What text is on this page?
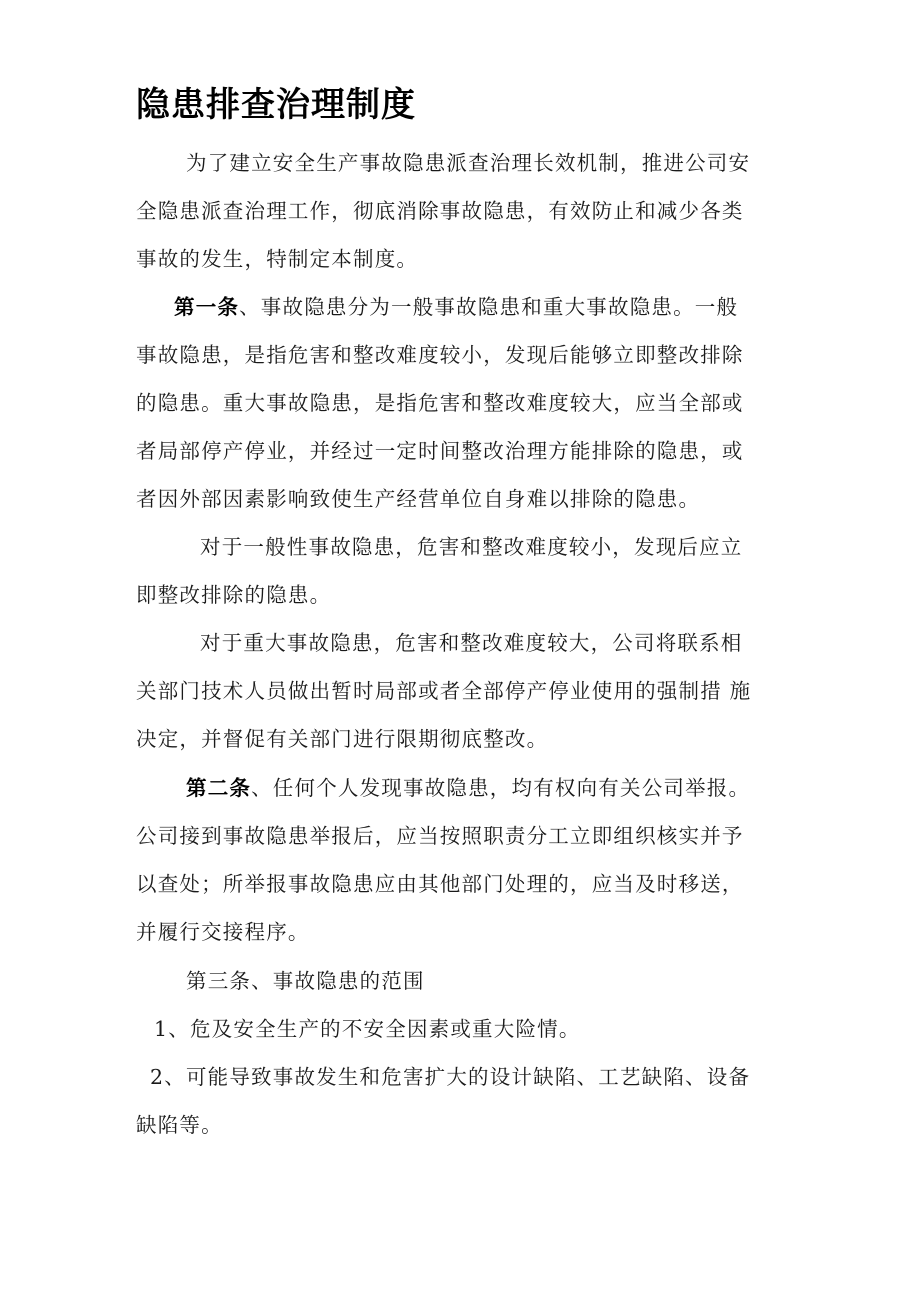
隐患排查治理制度
为了建立安全生产事故隐患派查治理长效机制，推进公司安
全隐患派查治理工作，彻底消除事故隐患，有效防止和减少各类
事故的发生，特制定本制度。
第一条、事故隐患分为一般事故隐患和重大事故隐患。一般
事故隐患，是指危害和整改难度较小，发现后能够立即整改排除
的隐患。重大事故隐患，是指危害和整改难度较大，应当全部或
者局部停产停业，并经过一定时间整改治理方能排除的隐患，或
者因外部因素影响致使生产经营单位自身难以排除的隐患。
对于一般性事故隐患，危害和整改难度较小，发现后应立
即整改排除的隐患。
对于重大事故隐患，危害和整改难度较大，公司将联系相
关部门技术人员做出暂时局部或者全部停产停业使用的强制措 施
决定，并督促有关部门进行限期彻底整改。
第二条、任何个人发现事故隐患，均有权向有关公司举报。
公司接到事故隐患举报后，应当按照职责分工立即组织核实并予
以查处；所举报事故隐患应由其他部门处理的，应当及时移送，
并履行交接程序。
第三条、事故隐患的范围
1、危及安全生产的不安全因素或重大险情。
2、可能导致事故发生和危害扩大的设计缺陷、工艺缺陷、设备
缺陷等。
